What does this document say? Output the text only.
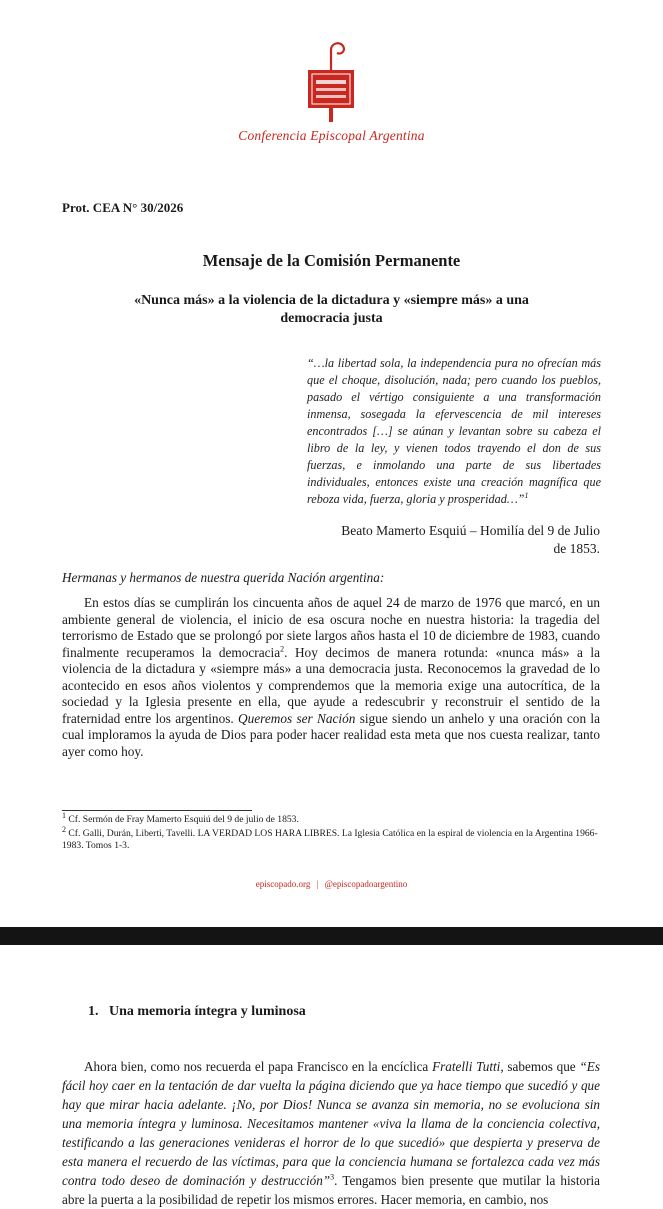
Conferencia Episcopal Argentina
Prot. CEA N° 30/2026
Mensaje de la Comisión Permanente
«Nunca más» a la violencia de la dictadura y «siempre más» a una democracia justa
“…la libertad sola, la independencia pura no ofrecían más que el choque, disolución, nada; pero cuando los pueblos, pasado el vértigo consiguiente a una transformación inmensa, sosegada la efervescencia de mil intereses encontrados […] se aúnan y levantan sobre su cabeza el libro de la ley, y vienen todos trayendo el don de sus fuerzas, e inmolando una parte de sus libertades individuales, entonces existe una creación magnífica que reboza vida, fuerza, gloria y prosperidad…”$^1$
Beato Mamerto Esquiú – Homilía del 9 de Julio
de 1853.
Hermanas y hermanos de nuestra querida Nación argentina:
En estos días se cumplirán los cincuenta años de aquel 24 de marzo de 1976 que marcó, en un ambiente general de violencia, el inicio de esa oscura noche en nuestra historia: la tragedia del terrorismo de Estado que se prolongó por siete largos años hasta el 10 de diciembre de 1983, cuando finalmente recuperamos la democracia$^2$. Hoy decimos de manera rotunda: «nunca más» a la violencia de la dictadura y «siempre más» a una democracia justa. Reconocemos la gravedad de lo acontecido en esos años violentos y comprendemos que la memoria exige una autocrítica, de la sociedad y la Iglesia presente en ella, que ayude a redescubrir y reconstruir el sentido de la fraternidad entre los argentinos. Queremos ser Nación sigue siendo un anhelo y una oración con la cual imploramos la ayuda de Dios para poder hacer realidad esta meta que nos cuesta realizar, tanto ayer como hoy.
$^1$ Cf. Sermón de Fray Mamerto Esquiú del 9 de julio de 1853.
$^2$ Cf. Galli, Durán, Liberti, Tavelli. LA VERDAD LOS HARA LIBRES. La Iglesia Católica en la espiral de violencia en la Argentina 1966-1983. Tomos 1-3.
episcopado.org | @episcopadoargentino
1.   Una memoria íntegra y luminosa
Ahora bien, como nos recuerda el papa Francisco en la encíclica Fratelli Tutti, sabemos que “Es fácil hoy caer en la tentación de dar vuelta la página diciendo que ya hace tiempo que sucedió y que hay que mirar hacia adelante. ¡No, por Dios! Nunca se avanza sin memoria, no se evoluciona sin una memoria íntegra y luminosa. Necesitamos mantener «viva la llama de la conciencia colectiva, testificando a las generaciones venideras el horror de lo que sucedió» que despierta y preserva de esta manera el recuerdo de las víctimas, para que la conciencia humana se fortalezca cada vez más contra todo deseo de dominación y destrucción”$^3$. Tengamos bien presente que mutilar la historia abre la puerta a la posibilidad de repetir los mismos errores. Hacer memoria, en cambio, nos
